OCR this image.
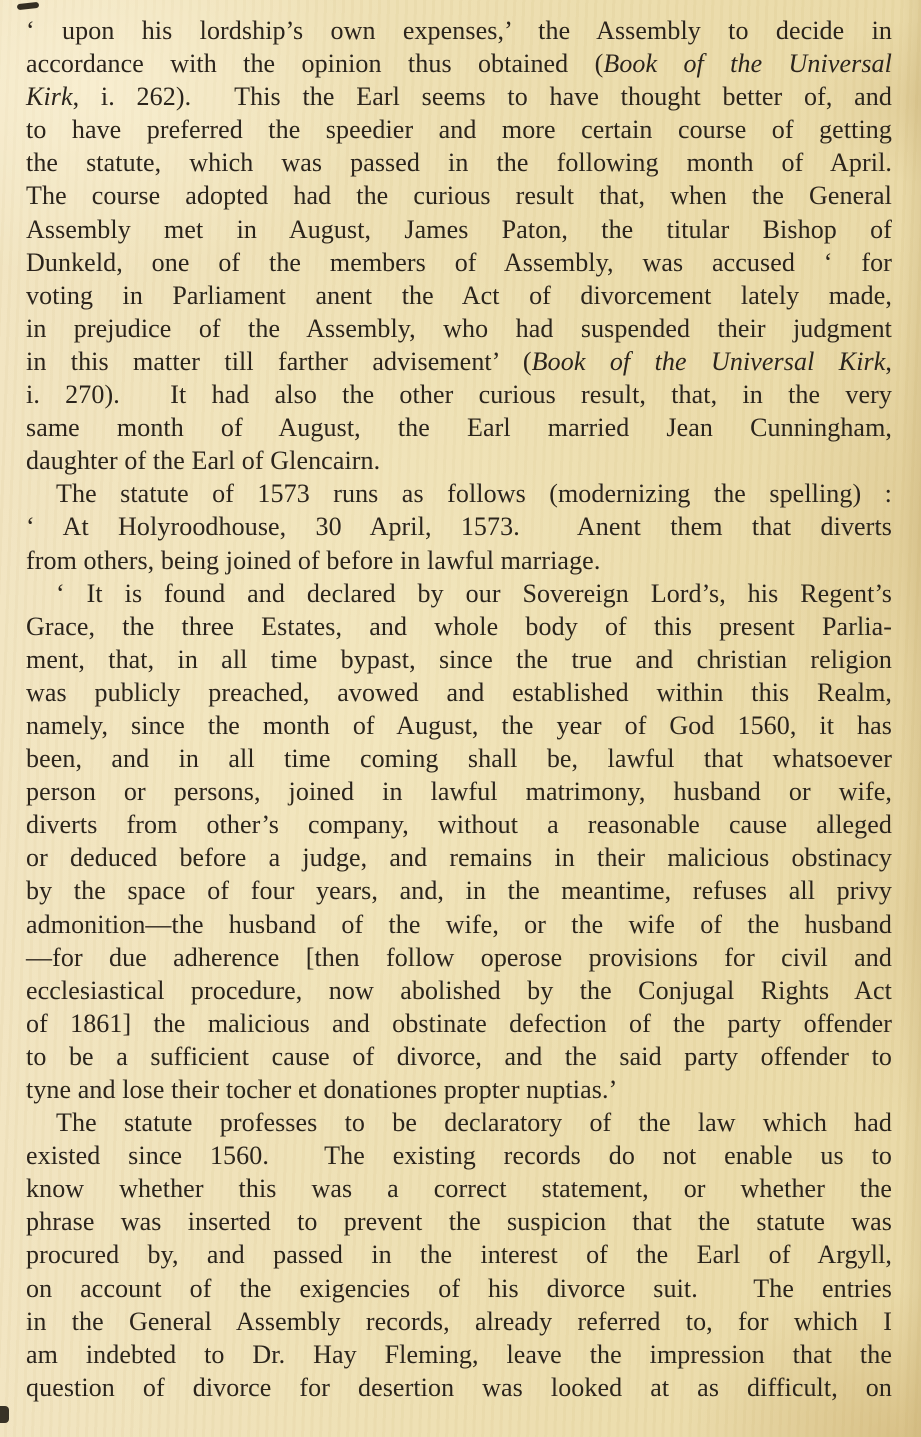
‘ upon his lordship’s own expenses,’ the Assembly to decide in
accordance with the opinion thus obtained (Book of the Universal
Kirk, i. 262).  This the Earl seems to have thought better of, and
to have preferred the speedier and more certain course of getting
the statute, which was passed in the following month of April.
The course adopted had the curious result that, when the General
Assembly met in August, James Paton, the titular Bishop of
Dunkeld, one of the members of Assembly, was accused ‘ for
voting in Parliament anent the Act of divorcement lately made,
in prejudice of the Assembly, who had suspended their judgment
in this matter till farther advisement’ (Book of the Universal Kirk,
i. 270).  It had also the other curious result, that, in the very
same month of August, the Earl married Jean Cunningham,
daughter of the Earl of Glencairn.
The statute of 1573 runs as follows (modernizing the spelling) :
‘ At Holyroodhouse, 30 April, 1573.  Anent them that diverts
from others, being joined of before in lawful marriage.
‘ It is found and declared by our Sovereign Lord’s, his Regent’s
Grace, the three Estates, and whole body of this present Parlia-
ment, that, in all time bypast, since the true and christian religion
was publicly preached, avowed and established within this Realm,
namely, since the month of August, the year of God 1560, it has
been, and in all time coming shall be, lawful that whatsoever
person or persons, joined in lawful matrimony, husband or wife,
diverts from other’s company, without a reasonable cause alleged
or deduced before a judge, and remains in their malicious obstinacy
by the space of four years, and, in the meantime, refuses all privy
admonition—the husband of the wife, or the wife of the husband
—for due adherence [then follow operose provisions for civil and
ecclesiastical procedure, now abolished by the Conjugal Rights Act
of 1861] the malicious and obstinate defection of the party offender
to be a sufficient cause of divorce, and the said party offender to
tyne and lose their tocher et donationes propter nuptias.’
The statute professes to be declaratory of the law which had
existed since 1560.  The existing records do not enable us to
know whether this was a correct statement, or whether the
phrase was inserted to prevent the suspicion that the statute was
procured by, and passed in the interest of the Earl of Argyll,
on account of the exigencies of his divorce suit.  The entries
in the General Assembly records, already referred to, for which I
am indebted to Dr. Hay Fleming, leave the impression that the
question of divorce for desertion was looked at as difficult, on
